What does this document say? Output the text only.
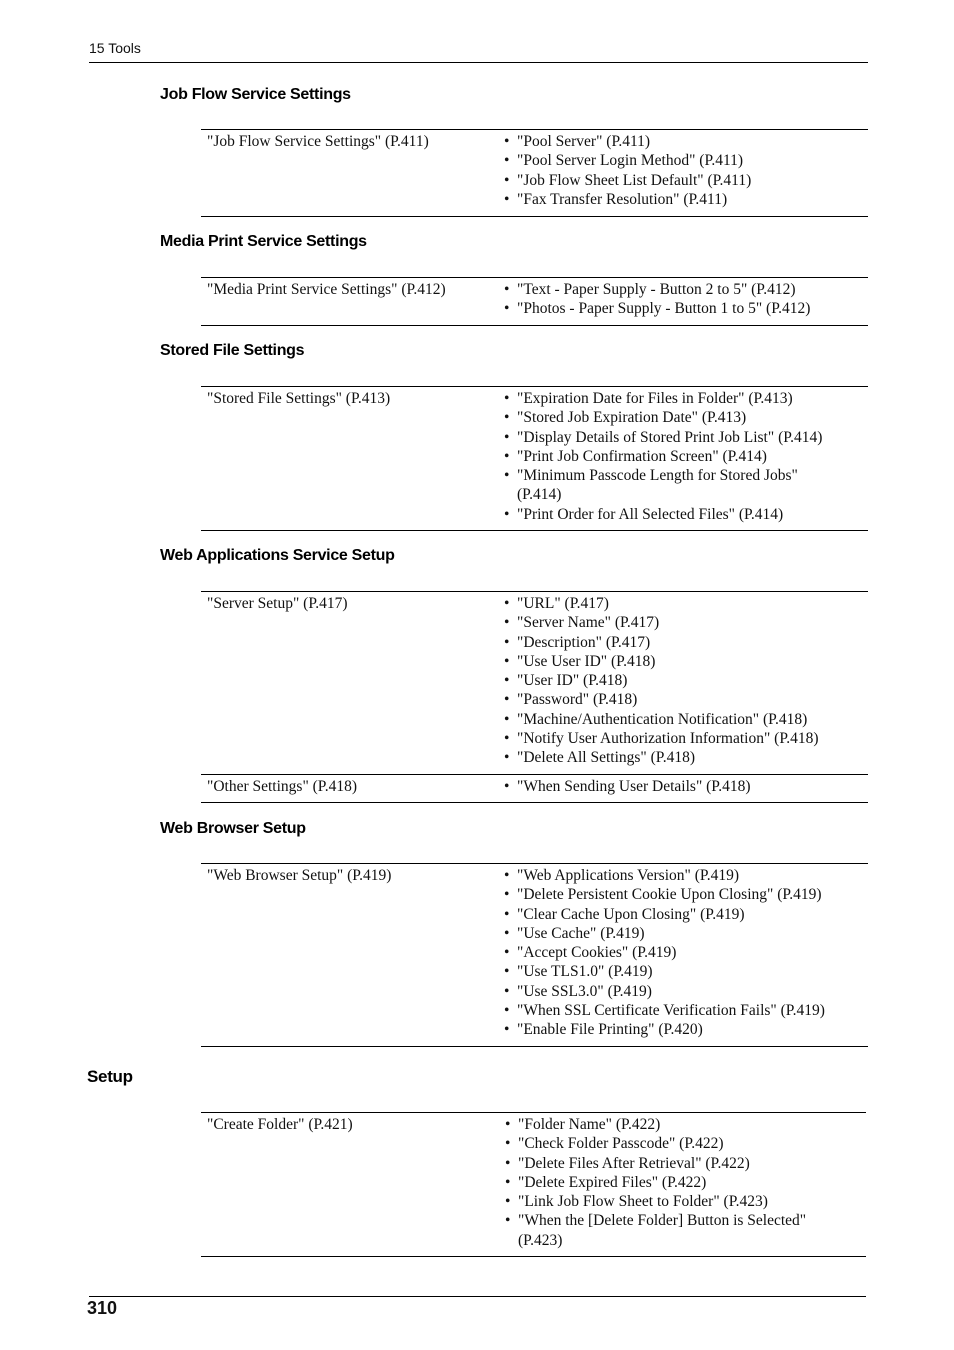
15 Tools
Job Flow Service Settings
"Job Flow Service Settings" (P.411)	• "Pool Server" (P.411)
• "Pool Server Login Method" (P.411)
• "Job Flow Sheet List Default" (P.411)
• "Fax Transfer Resolution" (P.411)
Media Print Service Settings
"Media Print Service Settings" (P.412)	• "Text - Paper Supply - Button 2 to 5" (P.412)
• "Photos - Paper Supply - Button 1 to 5" (P.412)
Stored File Settings
"Stored File Settings" (P.413)	• "Expiration Date for Files in Folder" (P.413)
• "Stored Job Expiration Date" (P.413)
• "Display Details of Stored Print Job List" (P.414)
• "Print Job Confirmation Screen" (P.414)
• "Minimum Passcode Length for Stored Jobs" (P.414)
• "Print Order for All Selected Files" (P.414)
Web Applications Service Setup
"Server Setup" (P.417)	• "URL" (P.417)
• "Server Name" (P.417)
• "Description" (P.417)
• "Use User ID" (P.418)
• "User ID" (P.418)
• "Password" (P.418)
• "Machine/Authentication Notification" (P.418)
• "Notify User Authorization Information" (P.418)
• "Delete All Settings" (P.418)
"Other Settings" (P.418)	• "When Sending User Details" (P.418)
Web Browser Setup
"Web Browser Setup" (P.419)	• "Web Applications Version" (P.419)
• "Delete Persistent Cookie Upon Closing" (P.419)
• "Clear Cache Upon Closing" (P.419)
• "Use Cache" (P.419)
• "Accept Cookies" (P.419)
• "Use TLS1.0" (P.419)
• "Use SSL3.0" (P.419)
• "When SSL Certificate Verification Fails" (P.419)
• "Enable File Printing" (P.420)
Setup
"Create Folder" (P.421)	• "Folder Name" (P.422)
• "Check Folder Passcode" (P.422)
• "Delete Files After Retrieval" (P.422)
• "Delete Expired Files" (P.422)
• "Link Job Flow Sheet to Folder" (P.423)
• "When the [Delete Folder] Button is Selected" (P.423)
310
